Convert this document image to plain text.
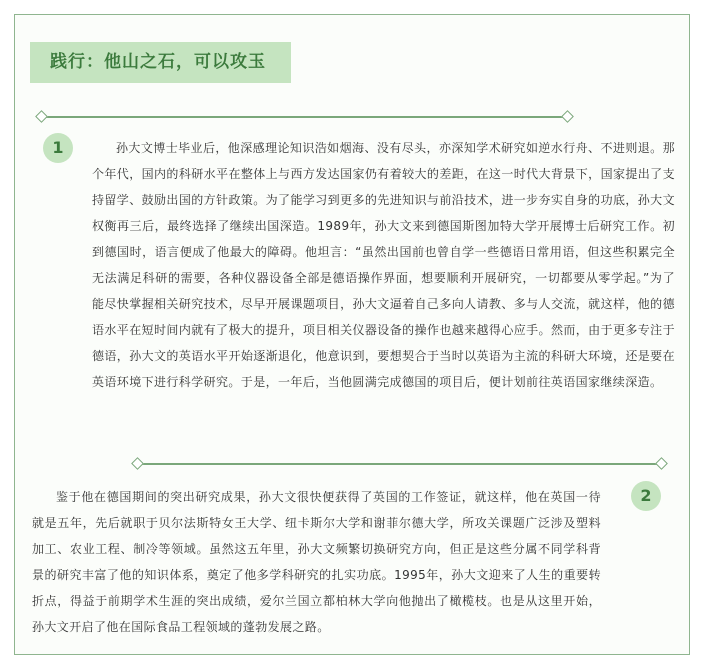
践行：他山之石，可以攻玉
1	孙大文博士毕业后，他深感理论知识浩如烟海、没有尽头，亦深知学术研究如逆水行舟、不进则退。那个年代，国内的科研水平在整体上与西方发达国家仍有着较大的差距，在这一时代大背景下，国家提出了支持留学、鼓励出国的方针政策。为了能学习到更多的先进知识与前沿技术，进一步夯实自身的功底，孙大文权衡再三后，最终选择了继续出国深造。1989年，孙大文来到德国斯图加特大学开展博士后研究工作。初到德国时，语言便成了他最大的障碍。他坦言：“虽然出国前也曾自学一些德语日常用语，但这些积累完全无法满足科研的需要，各种仪器设备全部是德语操作界面，想要顺利开展研究，一切都要从零学起。”为了能尽快掌握相关研究技术，尽早开展课题项目，孙大文逼着自己多向人请教、多与人交流，就这样，他的德语水平在短时间内就有了极大的提升，项目相关仪器设备的操作也越来越得心应手。然而，由于更多专注于德语，孙大文的英语水平开始逐渐退化，他意识到，要想契合于当时以英语为主流的科研大环境，还是要在英语环境下进行科学研究。于是，一年后，当他圆满完成德国的项目后，便计划前往英语国家继续深造。

2

鉴于他在德国期间的突出研究成果，孙大文很快便获得了英国的工作签证，就这样，他在英国一待就是五年，先后就职于贝尔法斯特女王大学、纽卡斯尔大学和谢菲尔德大学，所攻关课题广泛涉及塑料加工、农业工程、制冷等领域。虽然这五年里，孙大文频繁切换研究方向，但正是这些分属不同学科背景的研究丰富了他的知识体系，奠定了他多学科研究的扎实功底。1995年，孙大文迎来了人生的重要转折点，得益于前期学术生涯的突出成绩，爱尔兰国立都柏林大学向他抛出了橄榄枝。也是从这里开始，孙大文开启了他在国际食品工程领域的蓬勃发展之路。
